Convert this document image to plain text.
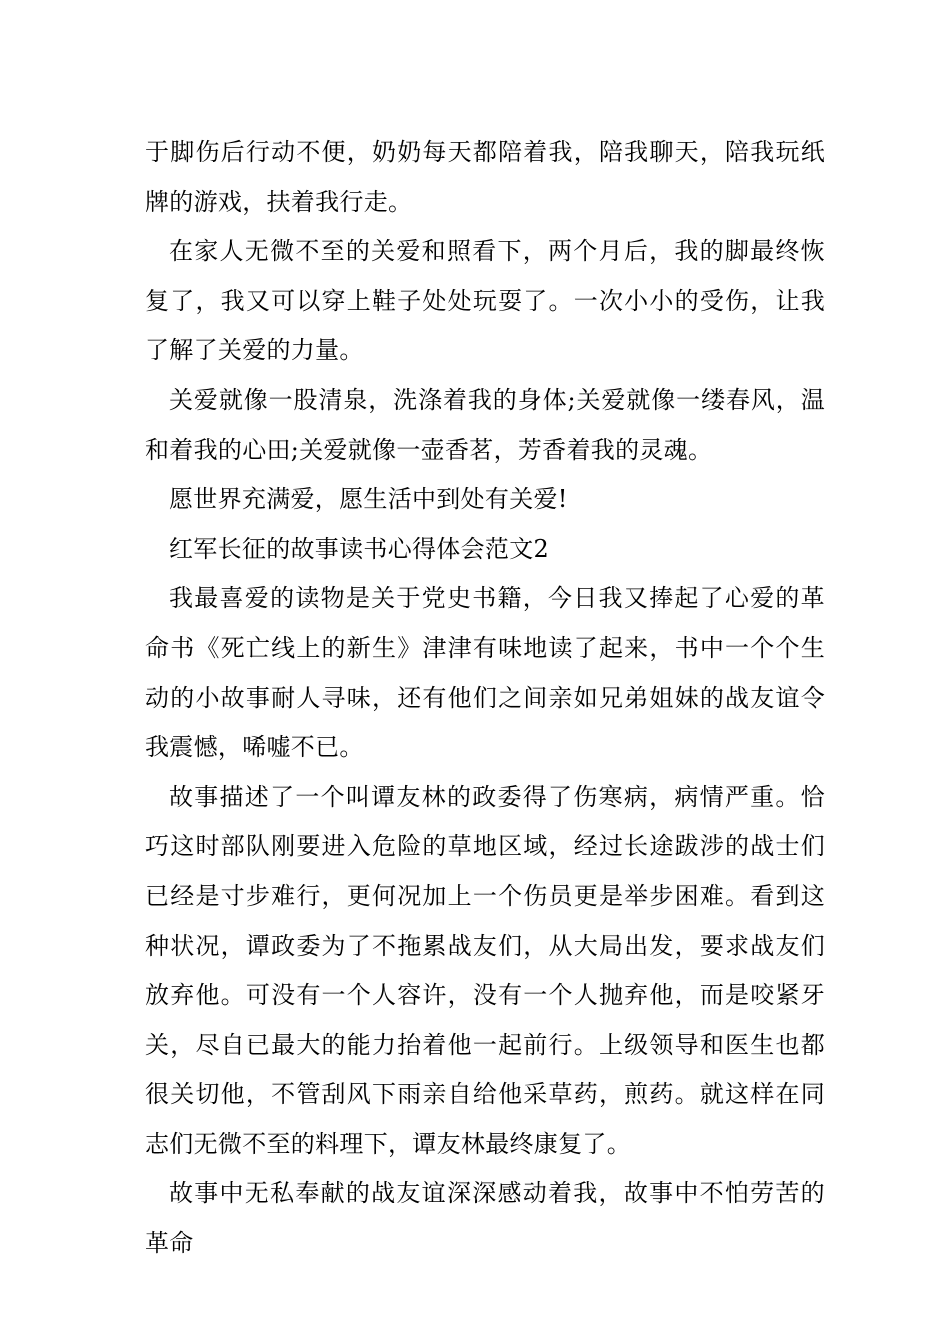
于脚伤后行动不便，奶奶每天都陪着我，陪我聊天，陪我玩纸牌的游戏，扶着我行走。

在家人无微不至的关爱和照看下，两个月后，我的脚最终恢复了，我又可以穿上鞋子处处玩耍了。一次小小的受伤，让我了解了关爱的力量。

关爱就像一股清泉，洗涤着我的身体;关爱就像一缕春风，温和着我的心田;关爱就像一壶香茗，芳香着我的灵魂。

愿世界充满爱，愿生活中到处有关爱!

红军长征的故事读书心得体会范文2

我最喜爱的读物是关于党史书籍，今日我又捧起了心爱的革命书《死亡线上的新生》津津有味地读了起来，书中一个个生动的小故事耐人寻味，还有他们之间亲如兄弟姐妹的战友谊令我震憾，唏嘘不已。

故事描述了一个叫谭友林的政委得了伤寒病，病情严重。恰巧这时部队刚要进入危险的草地区域，经过长途跋涉的战士们已经是寸步难行，更何况加上一个伤员更是举步困难。看到这种状况，谭政委为了不拖累战友们，从大局出发，要求战友们放弃他。可没有一个人容许，没有一个人抛弃他，而是咬紧牙关，尽自已最大的能力抬着他一起前行。上级领导和医生也都很关切他，不管刮风下雨亲自给他采草药，煎药。就这样在同志们无微不至的料理下，谭友林最终康复了。

故事中无私奉献的战友谊深深感动着我，故事中不怕劳苦的革命
